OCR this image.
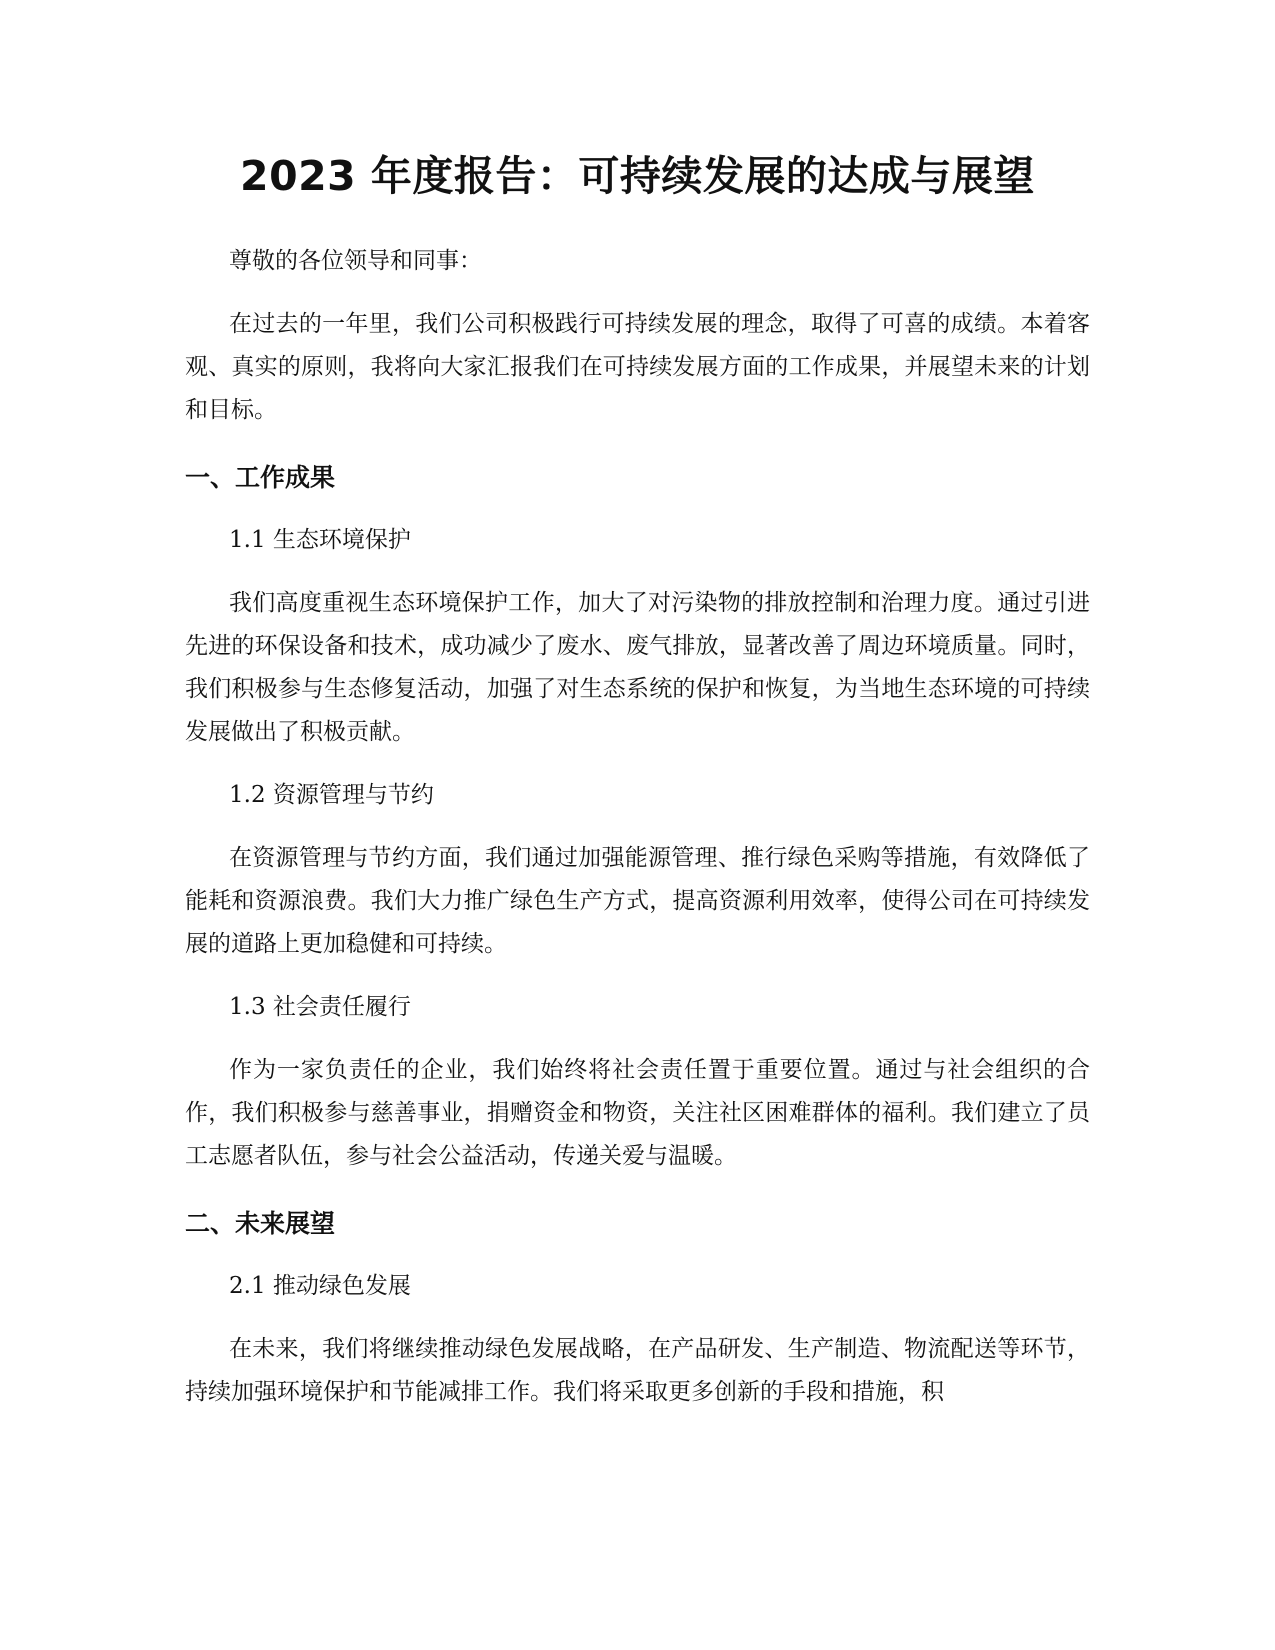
2023 年度报告：可持续发展的达成与展望

尊敬的各位领导和同事：

在过去的一年里，我们公司积极践行可持续发展的理念，取得了可喜的成绩。本着客观、真实的原则，我将向大家汇报我们在可持续发展方面的工作成果，并展望未来的计划和目标。

一、工作成果
1.1 生态环境保护

我们高度重视生态环境保护工作，加大了对污染物的排放控制和治理力度。通过引进先进的环保设备和技术，成功减少了废水、废气排放，显著改善了周边环境质量。同时，我们积极参与生态修复活动，加强了对生态系统的保护和恢复，为当地生态环境的可持续发展做出了积极贡献。

1.2 资源管理与节约

在资源管理与节约方面，我们通过加强能源管理、推行绿色采购等措施，有效降低了能耗和资源浪费。我们大力推广绿色生产方式，提高资源利用效率，使得公司在可持续发展的道路上更加稳健和可持续。

1.3 社会责任履行

作为一家负责任的企业，我们始终将社会责任置于重要位置。通过与社会组织的合作，我们积极参与慈善事业，捐赠资金和物资，关注社区困难群体的福利。我们建立了员工志愿者队伍，参与社会公益活动，传递关爱与温暖。

二、未来展望
2.1 推动绿色发展

在未来，我们将继续推动绿色发展战略，在产品研发、生产制造、物流配送等环节，持续加强环境保护和节能减排工作。我们将采取更多创新的手段和措施，积
